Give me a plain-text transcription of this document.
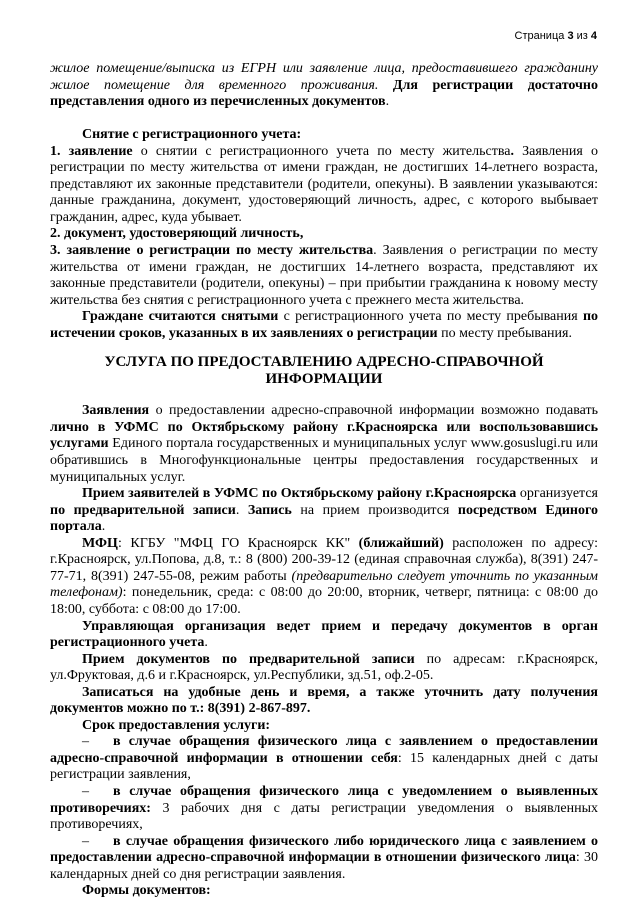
Страница 3 из 4

жилое помещение/выписка из ЕГРН или заявление лица, предоставившего гражданину жилое помещение для временного проживания. Для регистрации достаточно представления одного из перечисленных документов.

Снятие с регистрационного учета:

1. заявление о снятии с регистрационного учета по месту жительства. Заявления о регистрации по месту жительства от имени граждан, не достигших 14-летнего возраста, представляют их законные представители (родители, опекуны). В заявлении указываются: данные гражданина, документ, удостоверяющий личность, адрес, с которого выбывает гражданин, адрес, куда убывает.

2. документ, удостоверяющий личность,

3. заявление о регистрации по месту жительства. Заявления о регистрации по месту жительства от имени граждан, не достигших 14-летнего возраста, представляют их законные представители (родители, опекуны) – при прибытии гражданина к новому месту жительства без снятия с регистрационного учета с прежнего места жительства.

Граждане считаются снятыми с регистрационного учета по месту пребывания по истечении сроков, указанных в их заявлениях о регистрации по месту пребывания.

УСЛУГА ПО ПРЕДОСТАВЛЕНИЮ АДРЕСНО-СПРАВОЧНОЙ ИНФОРМАЦИИ

Заявления о предоставлении адресно-справочной информации возможно подавать лично в УФМС по Октябрьскому району г.Красноярска или воспользовавшись услугами Единого портала государственных и муниципальных услуг www.gosuslugi.ru или обратившись в Многофункциональные центры предоставления государственных и муниципальных услуг.

Прием заявителей в УФМС по Октябрьскому району г.Красноярска организуется по предварительной записи. Запись на прием производится посредством Единого портала.

МФЦ: КГБУ "МФЦ ГО Красноярск КК" (ближайший) расположен по адресу: г.Красноярск, ул.Попова, д.8, т.: 8 (800) 200-39-12 (единая справочная служба), 8(391) 247-77-71, 8(391) 247-55-08, режим работы (предварительно следует уточнить по указанным телефонам): понедельник, среда: с 08:00 до 20:00, вторник, четверг, пятница: с 08:00 до 18:00, суббота: с 08:00 до 17:00.

Управляющая организация ведет прием и передачу документов в орган регистрационного учета.

Прием документов по предварительной записи по адресам: г.Красноярск, ул.Фруктовая, д.6 и г.Красноярск, ул.Республики, зд.51, оф.2-05.

Записаться на удобные день и время, а также уточнить дату получения документов можно по т.: 8(391) 2-867-897.

Срок предоставления услуги:

– в случае обращения физического лица с заявлением о предоставлении адресно-справочной информации в отношении себя: 15 календарных дней с даты регистрации заявления,

– в случае обращения физического лица с уведомлением о выявленных противоречиях: 3 рабочих дня с даты регистрации уведомления о выявленных противоречиях,

– в случае обращения физического либо юридического лица с заявлением о предоставлении адресно-справочной информации в отношении физического лица: 30 календарных дней со дня регистрации заявления.

Формы документов:
